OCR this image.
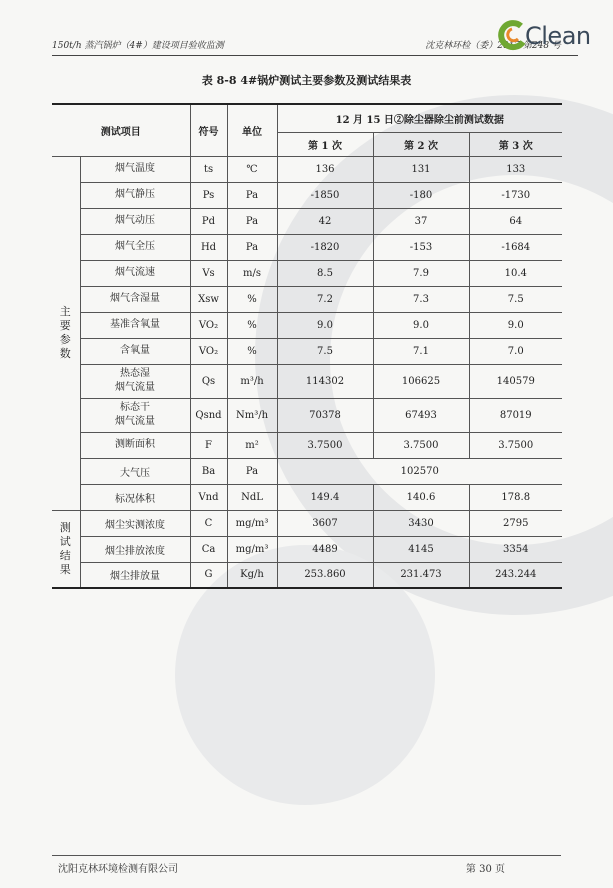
150t/h 蒸汽锅炉（4#）建设项目验收监测	沈克林环检（委）2017 第248 号
Clean
表 8-8 4#锅炉测试主要参数及测试结果表
测试项目		符号	单位	12 月 15 日②除尘器除尘前测试数据		
				第 1 次	第 2 次	第 3 次
主
要
参
数	烟气温度	ts	℃	136	131	133
	烟气静压	Ps	Pa	-1850	-180	-1730
	烟气动压	Pd	Pa	42	37	64
	烟气全压	Hd	Pa	-1820	-153	-1684
	烟气流速	Vs	m/s	8.5	7.9	10.4
	烟气含湿量	Xsw	%	7.2	7.3	7.5
	基准含氧量	VO₂	%	9.0	9.0	9.0
	含氧量	VO₂	%	7.5	7.1	7.0
	热态湿
烟气流量	Qs	m³/h	114302	106625	140579
	标态干
烟气流量	Qsnd	Nm³/h	70378	67493	87019
	测断面积	F	m²	3.7500	3.7500	3.7500
	大气压	Ba	Pa	102570		
	标况体积	Vnd	NdL	149.4	140.6	178.8
测
试
结
果	烟尘实测浓度	C	mg/m³	3607	3430	2795
	烟尘排放浓度	Ca	mg/m³	4489	4145	3354
	烟尘排放量	G	Kg/h	253.860	231.473	243.244
沈阳克林环境检测有限公司	第 30 页
